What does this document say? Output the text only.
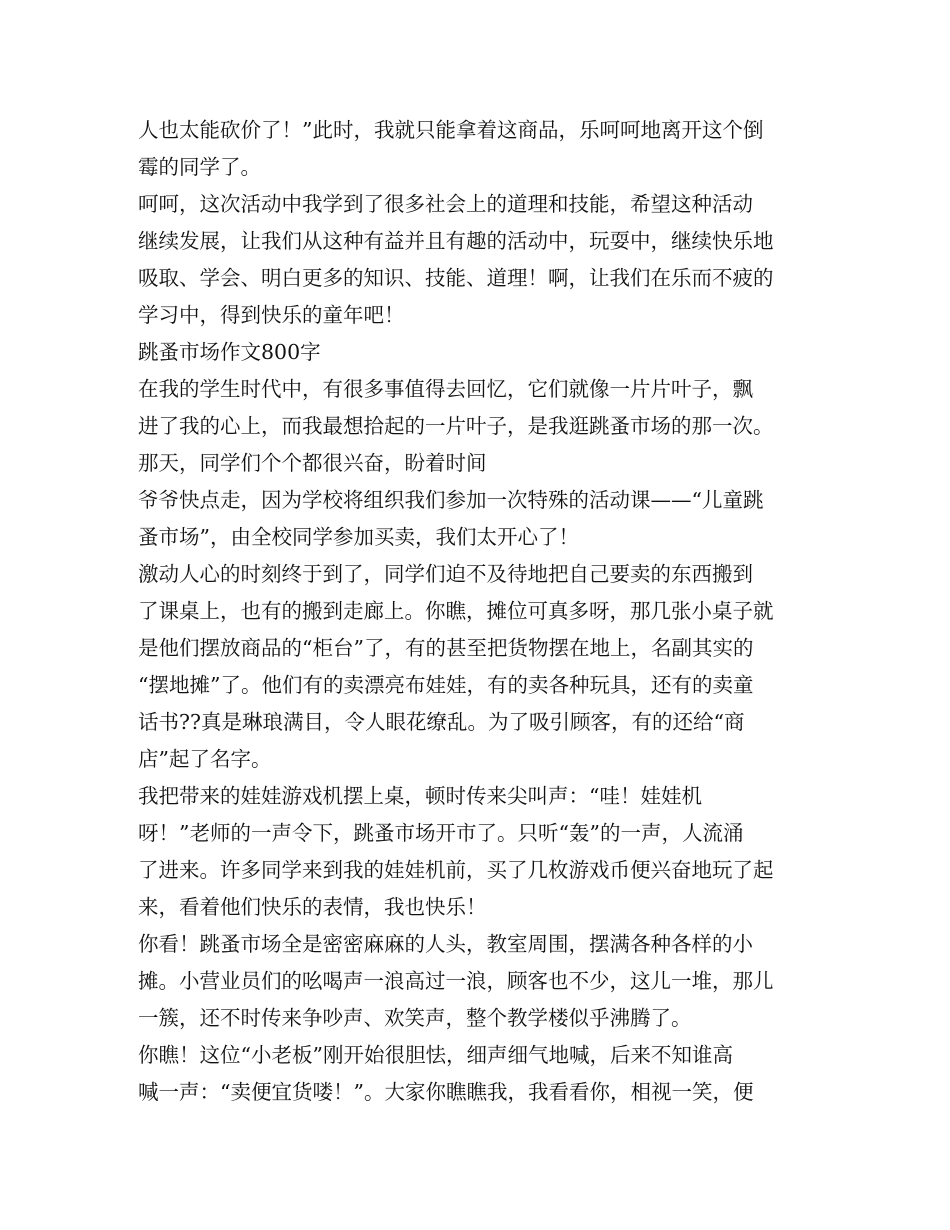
人也太能砍价了！”此时，我就只能拿着这商品，乐呵呵地离开这个倒
霉的同学了。
呵呵，这次活动中我学到了很多社会上的道理和技能，希望这种活动
继续发展，让我们从这种有益并且有趣的活动中，玩耍中，继续快乐地
吸取、学会、明白更多的知识、技能、道理！啊，让我们在乐而不疲的
学习中，得到快乐的童年吧！
跳蚤市场作文800字
在我的学生时代中，有很多事值得去回忆，它们就像一片片叶子，飘
进了我的心上，而我最想拾起的一片叶子，是我逛跳蚤市场的那一次。
那天，同学们个个都很兴奋，盼着时间
爷爷快点走，因为学校将组织我们参加一次特殊的活动课——“儿童跳
蚤市场”，由全校同学参加买卖，我们太开心了！
激动人心的时刻终于到了，同学们迫不及待地把自己要卖的东西搬到
了课桌上，也有的搬到走廊上。你瞧，摊位可真多呀，那几张小桌子就
是他们摆放商品的“柜台”了，有的甚至把货物摆在地上，名副其实的
“摆地摊”了。他们有的卖漂亮布娃娃，有的卖各种玩具，还有的卖童
话书??真是琳琅满目，令人眼花缭乱。为了吸引顾客，有的还给“商
店”起了名字。
我把带来的娃娃游戏机摆上桌，顿时传来尖叫声：“哇！娃娃机
呀！”老师的一声令下，跳蚤市场开市了。只听“轰”的一声，人流涌
了进来。许多同学来到我的娃娃机前，买了几枚游戏币便兴奋地玩了起
来，看着他们快乐的表情，我也快乐！
你看！跳蚤市场全是密密麻麻的人头，教室周围，摆满各种各样的小
摊。小营业员们的吆喝声一浪高过一浪，顾客也不少，这儿一堆，那儿
一簇，还不时传来争吵声、欢笑声，整个教学楼似乎沸腾了。
你瞧！这位“小老板”刚开始很胆怯，细声细气地喊，后来不知谁高
喊一声：“卖便宜货喽！”。大家你瞧瞧我，我看看你，相视一笑，便
